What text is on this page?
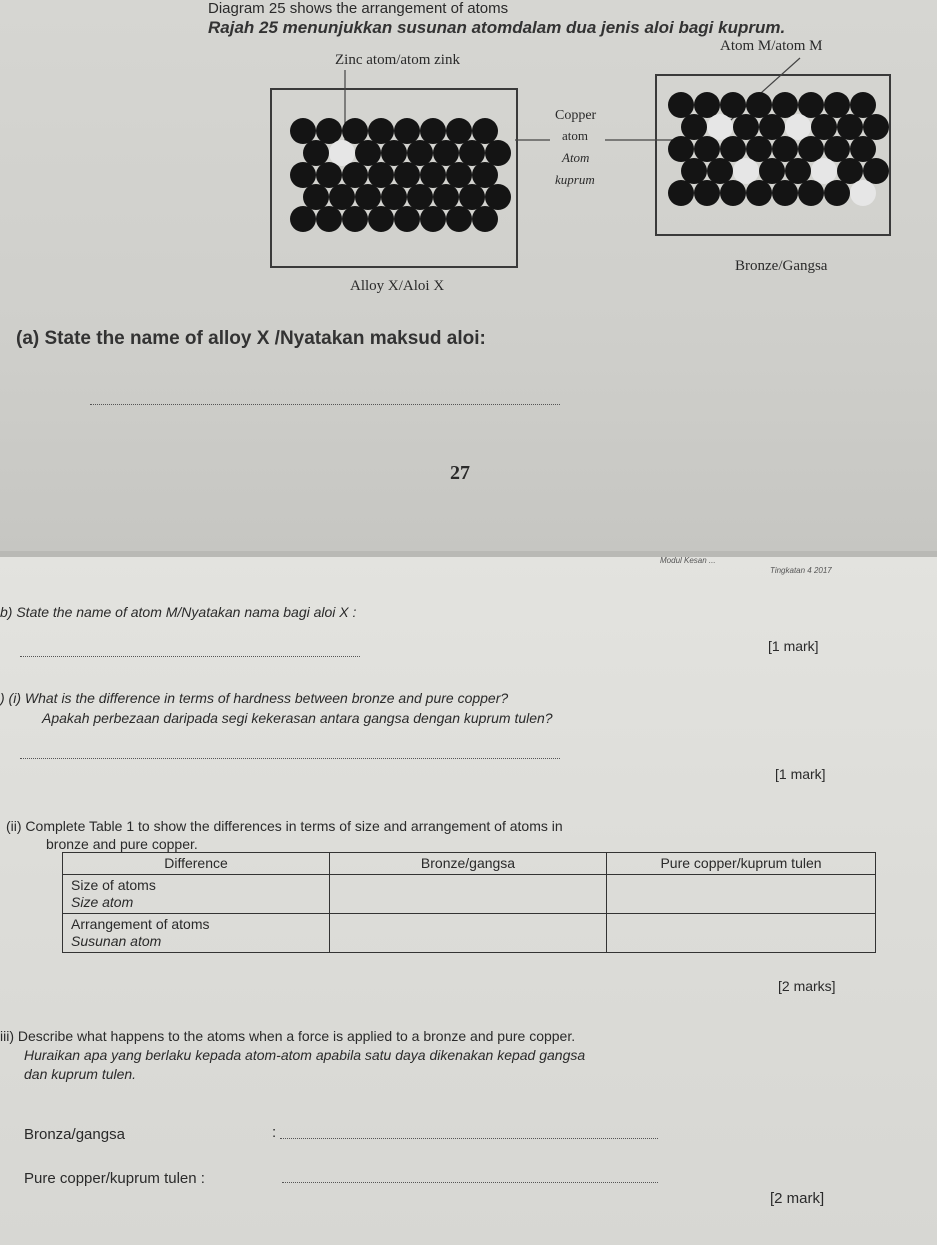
Diagram 25 shows the arrangement of atoms
Rajah 25 menunjukkan susunan atomdalam dua jenis aloi bagi kuprum.
Zinc atom/atom zink
Atom M/atom M
Copper
atom
Atom
kuprum
Alloy X/Aloi X
Bronze/Gangsa
(a) State the name of alloy X /Nyatakan maksud aloi:
27
Modul Kesan ...
Tingkatan 4 2017
b) State the name of atom M/Nyatakan nama bagi aloi X :
[1 mark]
) (i) What is the difference in terms of hardness between bronze and pure copper?
Apakah perbezaan daripada segi kekerasan antara gangsa dengan kuprum tulen?
[1 mark]
(ii) Complete Table 1 to show the differences in terms of size and arrangement of atoms in
bronze and pure copper.
Difference	Bronze/gangsa	Pure copper/kuprum tulen

Size of atoms
Size atom		

Arrangement of atoms
Susunan atom		

[2 marks]
iii) Describe what happens to the atoms when a force is applied to a bronze and pure copper.
Huraikan apa yang berlaku kepada atom-atom apabila satu daya dikenakan kepad gangsa
dan kuprum tulen.
Bronza/gangsa	:
Pure copper/kuprum tulen :
[2 mark]
